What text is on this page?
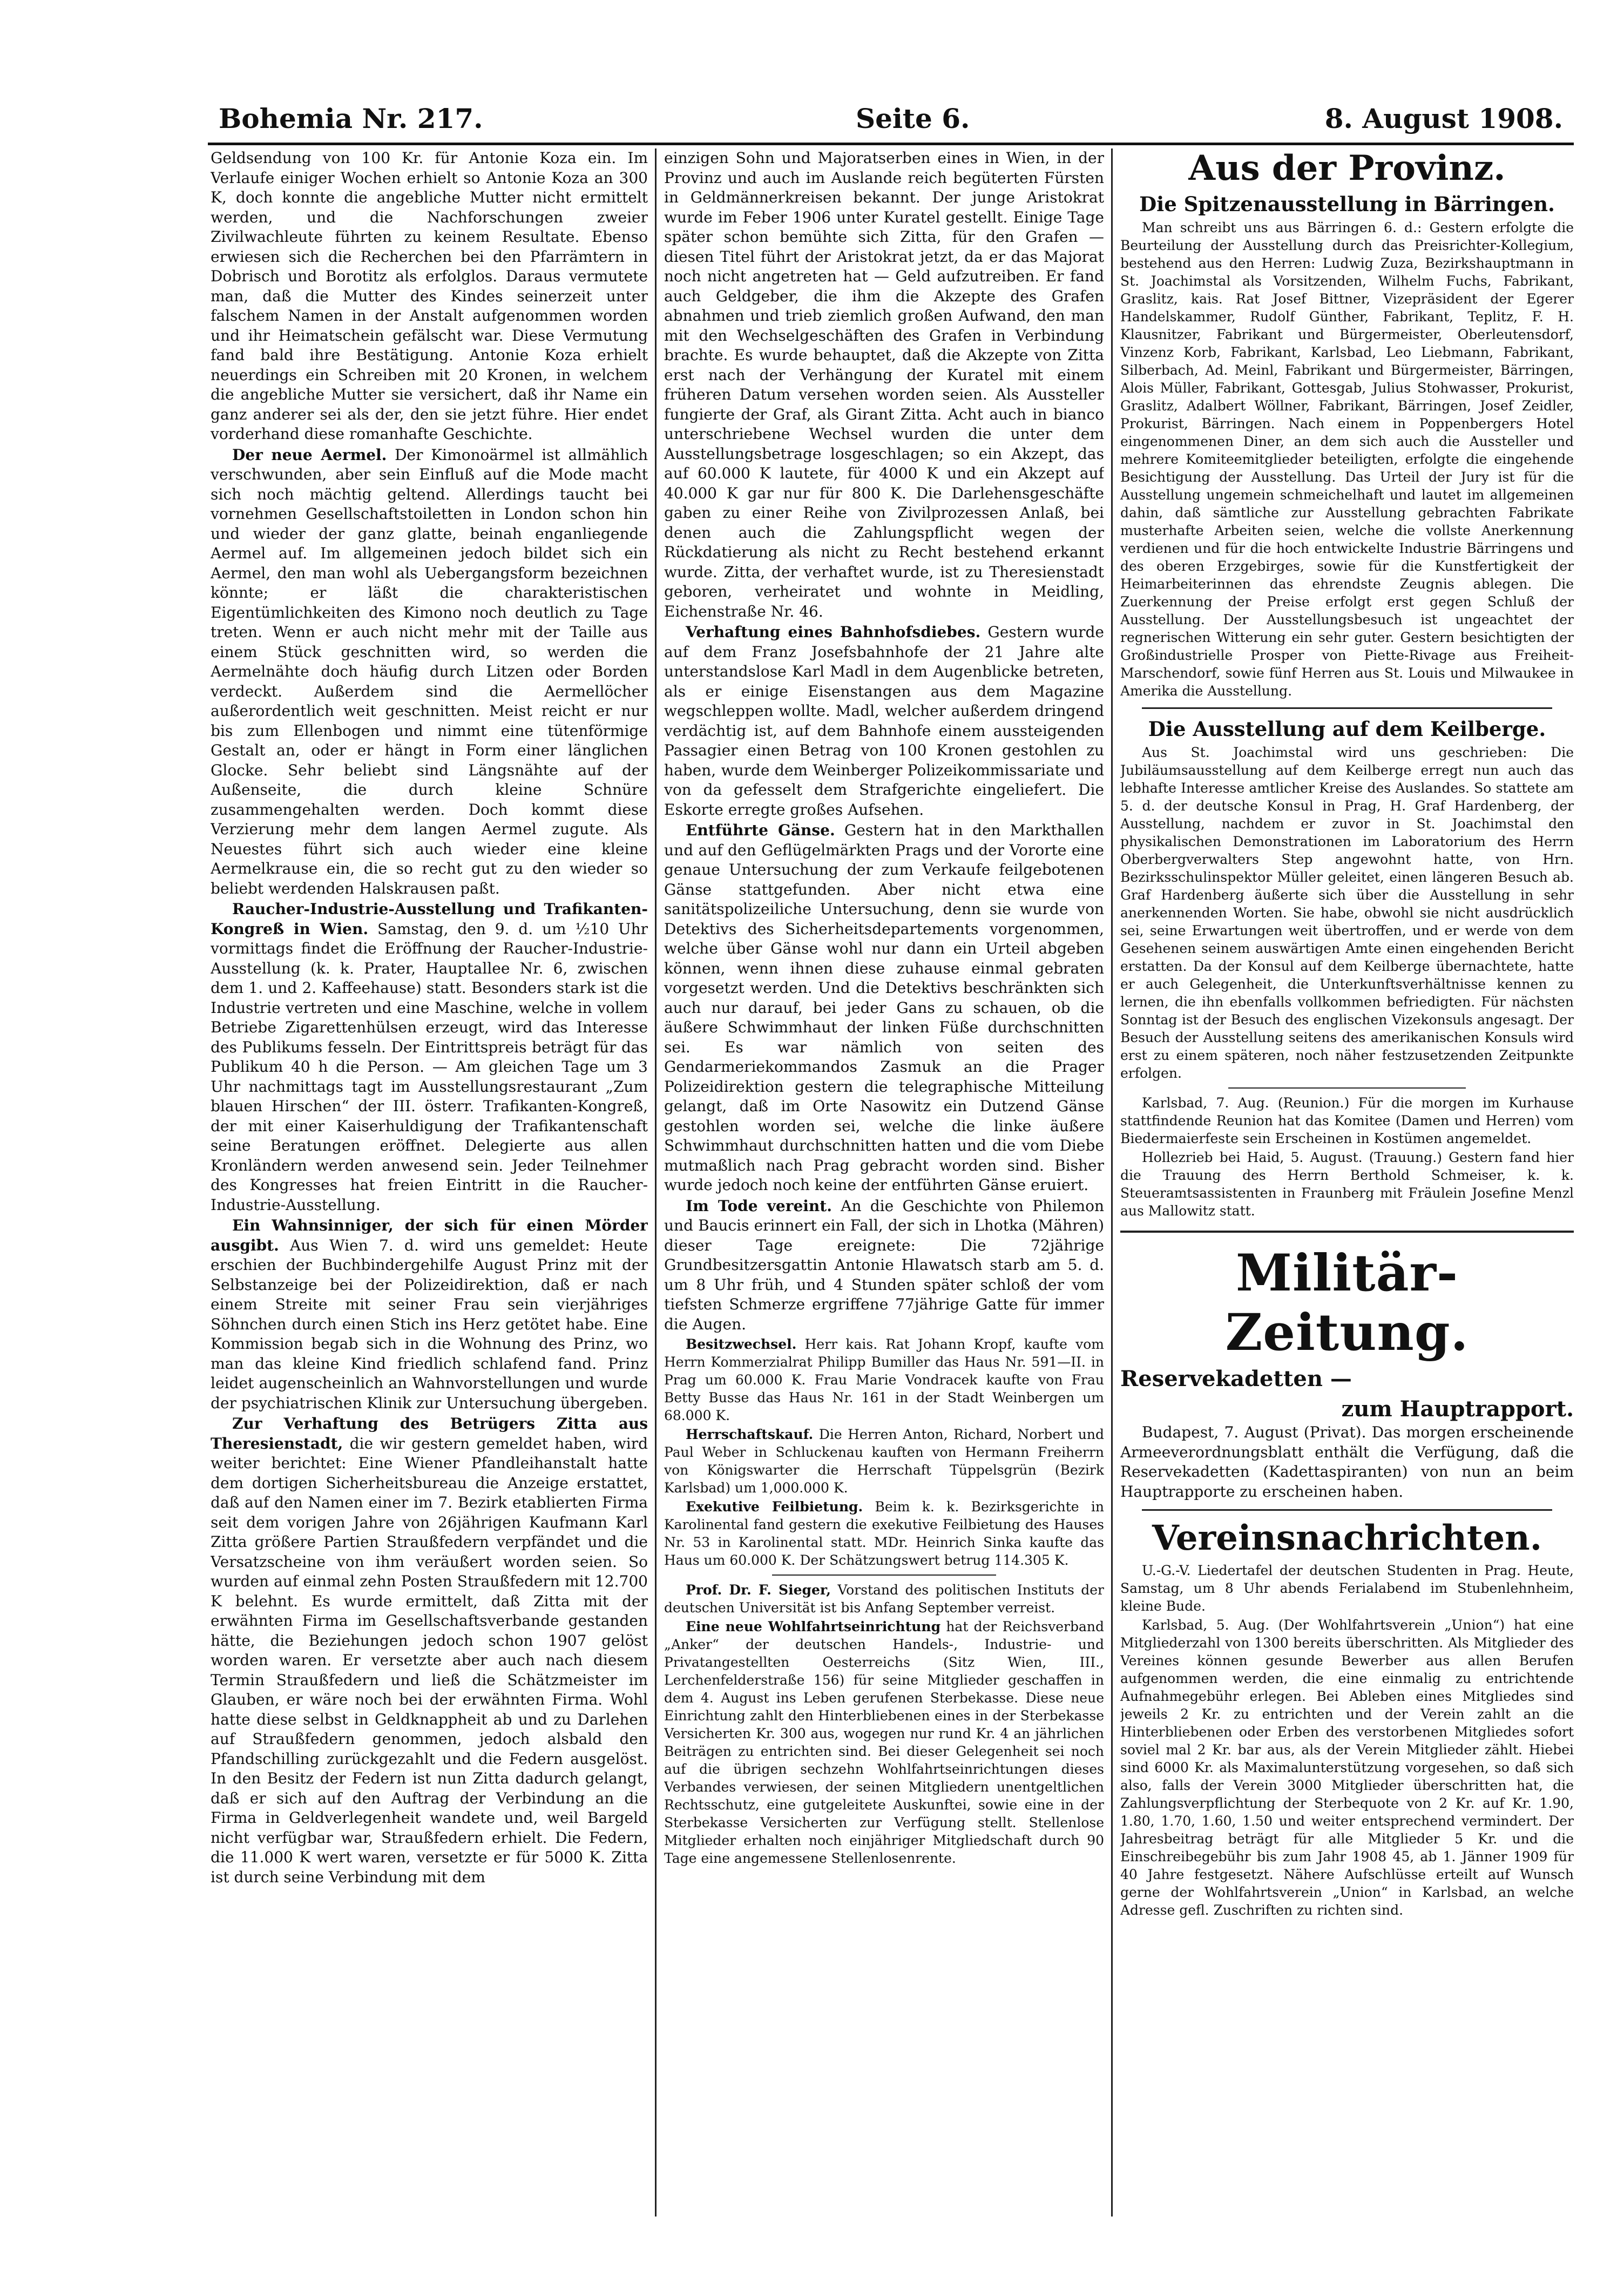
Bohemia Nr. 217.	Seite 6.	8. August 1908.

Geldsendung von 100 Kr. für Antonie Koza ein. Im Verlaufe einiger Wochen erhielt so Antonie Koza an 300 K, doch konnte die angebliche Mutter nicht ermittelt werden, und die Nachforschungen zweier Zivilwachleute führten zu keinem Resultate. Ebenso erwiesen sich die Recherchen bei den Pfarrämtern in Dobrisch und Borotitz als erfolglos. Daraus vermutete man, daß die Mutter des Kindes seinerzeit unter falschem Namen in der Anstalt aufgenommen worden und ihr Heimatschein gefälscht war. Diese Vermutung fand bald ihre Bestätigung. Antonie Koza erhielt neuerdings ein Schreiben mit 20 Kronen, in welchem die angebliche Mutter sie versichert, daß ihr Name ein ganz anderer sei als der, den sie jetzt führe. Hier endet vorderhand diese romanhafte Geschichte.

Der neue Aermel. Der Kimonoärmel ist allmählich verschwunden, aber sein Einfluß auf die Mode macht sich noch mächtig geltend. Allerdings taucht bei vornehmen Gesellschaftstoiletten in London schon hin und wieder der ganz glatte, beinah enganliegende Aermel auf. Im allgemeinen jedoch bildet sich ein Aermel, den man wohl als Uebergangsform bezeichnen könnte; er läßt die charakteristischen Eigentümlichkeiten des Kimono noch deutlich zu Tage treten. Wenn er auch nicht mehr mit der Taille aus einem Stück geschnitten wird, so werden die Aermelnähte doch häufig durch Litzen oder Borden verdeckt. Außerdem sind die Aermellöcher außerordentlich weit geschnitten. Meist reicht er nur bis zum Ellenbogen und nimmt eine tütenförmige Gestalt an, oder er hängt in Form einer länglichen Glocke. Sehr beliebt sind Längsnähte auf der Außenseite, die durch kleine Schnüre zusammengehalten werden. Doch kommt diese Verzierung mehr dem langen Aermel zugute. Als Neuestes führt sich auch wieder eine kleine Aermelkrause ein, die so recht gut zu den wieder so beliebt werdenden Halskrausen paßt.

Raucher-Industrie-Ausstellung und Trafikanten-Kongreß in Wien. Samstag, den 9. d. um ½10 Uhr vormittags findet die Eröffnung der Raucher-Industrie-Ausstellung (k. k. Prater, Hauptallee Nr. 6, zwischen dem 1. und 2. Kaffeehause) statt. Besonders stark ist die Industrie vertreten und eine Maschine, welche in vollem Betriebe Zigarettenhülsen erzeugt, wird das Interesse des Publikums fesseln. Der Eintrittspreis beträgt für das Publikum 40 h die Person. — Am gleichen Tage um 3 Uhr nachmittags tagt im Ausstellungsrestaurant „Zum blauen Hirschen“ der III. österr. Trafikanten-Kongreß, der mit einer Kaiserhuldigung der Trafikantenschaft seine Beratungen eröffnet. Delegierte aus allen Kronländern werden anwesend sein. Jeder Teilnehmer des Kongresses hat freien Eintritt in die Raucher-Industrie-Ausstellung.

Ein Wahnsinniger, der sich für einen Mörder ausgibt. Aus Wien 7. d. wird uns gemeldet: Heute erschien der Buchbindergehilfe August Prinz mit der Selbstanzeige bei der Polizeidirektion, daß er nach einem Streite mit seiner Frau sein vierjähriges Söhnchen durch einen Stich ins Herz getötet habe. Eine Kommission begab sich in die Wohnung des Prinz, wo man das kleine Kind friedlich schlafend fand. Prinz leidet augenscheinlich an Wahnvorstellungen und wurde der psychiatrischen Klinik zur Untersuchung übergeben.

Zur Verhaftung des Betrügers Zitta aus Theresienstadt, die wir gestern gemeldet haben, wird weiter berichtet: Eine Wiener Pfandleihanstalt hatte dem dortigen Sicherheitsbureau die Anzeige erstattet, daß auf den Namen einer im 7. Bezirk etablierten Firma seit dem vorigen Jahre von 26jährigen Kaufmann Karl Zitta größere Partien Straußfedern verpfändet und die Versatzscheine von ihm veräußert worden seien. So wurden auf einmal zehn Posten Straußfedern mit 12.700 K belehnt. Es wurde ermittelt, daß Zitta mit der erwähnten Firma im Gesellschaftsverbande gestanden hätte, die Beziehungen jedoch schon 1907 gelöst worden waren. Er versetzte aber auch nach diesem Termin Straußfedern und ließ die Schätzmeister im Glauben, er wäre noch bei der erwähnten Firma. Wohl hatte diese selbst in Geldknappheit ab und zu Darlehen auf Straußfedern genommen, jedoch alsbald den Pfandschilling zurückgezahlt und die Federn ausgelöst. In den Besitz der Federn ist nun Zitta dadurch gelangt, daß er sich auf den Auftrag der Verbindung an die Firma in Geldverlegenheit wandete und, weil Bargeld nicht verfügbar war, Straußfedern erhielt. Die Federn, die 11.000 K wert waren, versetzte er für 5000 K. Zitta ist durch seine Verbindung mit dem

einzigen Sohn und Majoratserben eines in Wien, in der Provinz und auch im Auslande reich begüterten Fürsten in Geldmännerkreisen bekannt. Der junge Aristokrat wurde im Feber 1906 unter Kuratel gestellt. Einige Tage später schon bemühte sich Zitta, für den Grafen — diesen Titel führt der Aristokrat jetzt, da er das Majorat noch nicht angetreten hat — Geld aufzutreiben. Er fand auch Geldgeber, die ihm die Akzepte des Grafen abnahmen und trieb ziemlich großen Aufwand, den man mit den Wechselgeschäften des Grafen in Verbindung brachte. Es wurde behauptet, daß die Akzepte von Zitta erst nach der Verhängung der Kuratel mit einem früheren Datum versehen worden seien. Als Aussteller fungierte der Graf, als Girant Zitta. Acht auch in bianco unterschriebene Wechsel wurden die unter dem Ausstellungsbetrage losgeschlagen; so ein Akzept, das auf 60.000 K lautete, für 4000 K und ein Akzept auf 40.000 K gar nur für 800 K. Die Darlehensgeschäfte gaben zu einer Reihe von Zivilprozessen Anlaß, bei denen auch die Zahlungspflicht wegen der Rückdatierung als nicht zu Recht bestehend erkannt wurde. Zitta, der verhaftet wurde, ist zu Theresienstadt geboren, verheiratet und wohnte in Meidling, Eichenstraße Nr. 46.

Verhaftung eines Bahnhofsdiebes. Gestern wurde auf dem Franz Josefsbahnhofe der 21 Jahre alte unterstandslose Karl Madl in dem Augenblicke betreten, als er einige Eisenstangen aus dem Magazine wegschleppen wollte. Madl, welcher außerdem dringend verdächtig ist, auf dem Bahnhofe einem aussteigenden Passagier einen Betrag von 100 Kronen gestohlen zu haben, wurde dem Weinberger Polizeikommissariate und von da gefesselt dem Strafgerichte eingeliefert. Die Eskorte erregte großes Aufsehen.

Entführte Gänse. Gestern hat in den Markthallen und auf den Geflügelmärkten Prags und der Vororte eine genaue Untersuchung der zum Verkaufe feilgebotenen Gänse stattgefunden. Aber nicht etwa eine sanitätspolizeiliche Untersuchung, denn sie wurde von Detektivs des Sicherheitsdepartements vorgenommen, welche über Gänse wohl nur dann ein Urteil abgeben können, wenn ihnen diese zuhause einmal gebraten vorgesetzt werden. Und die Detektivs beschränkten sich auch nur darauf, bei jeder Gans zu schauen, ob die äußere Schwimmhaut der linken Füße durchschnitten sei. Es war nämlich von seiten des Gendarmeriekommandos Zasmuk an die Prager Polizeidirektion gestern die telegraphische Mitteilung gelangt, daß im Orte Nasowitz ein Dutzend Gänse gestohlen worden sei, welche die linke äußere Schwimmhaut durchschnitten hatten und die vom Diebe mutmaßlich nach Prag gebracht worden sind. Bisher wurde jedoch noch keine der entführten Gänse eruiert.

Im Tode vereint. An die Geschichte von Philemon und Baucis erinnert ein Fall, der sich in Lhotka (Mähren) dieser Tage ereignete: Die 72jährige Grundbesitzersgattin Antonie Hlawatsch starb am 5. d. um 8 Uhr früh, und 4 Stunden später schloß der vom tiefsten Schmerze ergriffene 77jährige Gatte für immer die Augen.

Besitzwechsel. Herr kais. Rat Johann Kropf, kaufte vom Herrn Kommerzialrat Philipp Bumiller das Haus Nr. 591—II. in Prag um 60.000 K. Frau Marie Vondracek kaufte von Frau Betty Busse das Haus Nr. 161 in der Stadt Weinbergen um 68.000 K.

Herrschaftskauf. Die Herren Anton, Richard, Norbert und Paul Weber in Schluckenau kauften von Hermann Freiherrn von Königswarter die Herrschaft Tüppelsgrün (Bezirk Karlsbad) um 1,000.000 K.

Exekutive Feilbietung. Beim k. k. Bezirksgerichte in Karolinental fand gestern die exekutive Feilbietung des Hauses Nr. 53 in Karolinental statt. MDr. Heinrich Sinka kaufte das Haus um 60.000 K. Der Schätzungswert betrug 114.305 K.

Prof. Dr. F. Sieger, Vorstand des politischen Instituts der deutschen Universität ist bis Anfang September verreist.

Eine neue Wohlfahrtseinrichtung hat der Reichsverband „Anker“ der deutschen Handels-, Industrie- und Privatangestellten Oesterreichs (Sitz Wien, III., Lerchenfelderstraße 156) für seine Mitglieder geschaffen in dem 4. August ins Leben gerufenen Sterbekasse. Diese neue Einrichtung zahlt den Hinterbliebenen eines in der Sterbekasse Versicherten Kr. 300 aus, wogegen nur rund Kr. 4 an jährlichen Beiträgen zu entrichten sind. Bei dieser Gelegenheit sei noch auf die übrigen sechzehn Wohlfahrtseinrichtungen dieses Verbandes verwiesen, der seinen Mitgliedern unentgeltlichen Rechtsschutz, eine gutgeleitete Auskunftei, sowie eine in der Sterbekasse Versicherten zur Verfügung stellt. Stellenlose Mitglieder erhalten noch einjähriger Mitgliedschaft durch 90 Tage eine angemessene Stellenlosenrente.

Aus der Provinz.
Die Spitzenausstellung in Bärringen.

Man schreibt uns aus Bärringen 6. d.: Gestern erfolgte die Beurteilung der Ausstellung durch das Preisrichter-Kollegium, bestehend aus den Herren: Ludwig Zuza, Bezirkshauptmann in St. Joachimstal als Vorsitzenden, Wilhelm Fuchs, Fabrikant, Graslitz, kais. Rat Josef Bittner, Vizepräsident der Egerer Handelskammer, Rudolf Günther, Fabrikant, Teplitz, F. H. Klausnitzer, Fabrikant und Bürgermeister, Oberleutensdorf, Vinzenz Korb, Fabrikant, Karlsbad, Leo Liebmann, Fabrikant, Silberbach, Ad. Meinl, Fabrikant und Bürgermeister, Bärringen, Alois Müller, Fabrikant, Gottesgab, Julius Stohwasser, Prokurist, Graslitz, Adalbert Wöllner, Fabrikant, Bärringen, Josef Zeidler, Prokurist, Bärringen. Nach einem in Poppenbergers Hotel eingenommenen Diner, an dem sich auch die Aussteller und mehrere Komiteemitglieder beteiligten, erfolgte die eingehende Besichtigung der Ausstellung. Das Urteil der Jury ist für die Ausstellung ungemein schmeichelhaft und lautet im allgemeinen dahin, daß sämtliche zur Ausstellung gebrachten Fabrikate musterhafte Arbeiten seien, welche die vollste Anerkennung verdienen und für die hoch entwickelte Industrie Bärringens und des oberen Erzgebirges, sowie für die Kunstfertigkeit der Heimarbeiterinnen das ehrendste Zeugnis ablegen. Die Zuerkennung der Preise erfolgt erst gegen Schluß der Ausstellung. Der Ausstellungsbesuch ist ungeachtet der regnerischen Witterung ein sehr guter. Gestern besichtigten der Großindustrielle Prosper von Piette-Rivage aus Freiheit-Marschendorf, sowie fünf Herren aus St. Louis und Milwaukee in Amerika die Ausstellung.

Die Ausstellung auf dem Keilberge.

Aus St. Joachimstal wird uns geschrieben: Die Jubiläumsausstellung auf dem Keilberge erregt nun auch das lebhafte Interesse amtlicher Kreise des Auslandes. So stattete am 5. d. der deutsche Konsul in Prag, H. Graf Hardenberg, der Ausstellung, nachdem er zuvor in St. Joachimstal den physikalischen Demonstrationen im Laboratorium des Herrn Oberbergverwalters Step angewohnt hatte, von Hrn. Bezirksschulinspektor Müller geleitet, einen längeren Besuch ab. Graf Hardenberg äußerte sich über die Ausstellung in sehr anerkennenden Worten. Sie habe, obwohl sie nicht ausdrücklich sei, seine Erwartungen weit übertroffen, und er werde von dem Gesehenen seinem auswärtigen Amte einen eingehenden Bericht erstatten. Da der Konsul auf dem Keilberge übernachtete, hatte er auch Gelegenheit, die Unterkunftsverhältnisse kennen zu lernen, die ihn ebenfalls vollkommen befriedigten. Für nächsten Sonntag ist der Besuch des englischen Vizekonsuls angesagt. Der Besuch der Ausstellung seitens des amerikanischen Konsuls wird erst zu einem späteren, noch näher festzusetzenden Zeitpunkte erfolgen.

Karlsbad, 7. Aug. (Reunion.) Für die morgen im Kurhause stattfindende Reunion hat das Komitee (Damen und Herren) vom Biedermaierfeste sein Erscheinen in Kostümen angemeldet.

Hollezrieb bei Haid, 5. August. (Trauung.) Gestern fand hier die Trauung des Herrn Berthold Schmeiser, k. k. Steueramtsassistenten in Fraunberg mit Fräulein Josefine Menzl aus Mallowitz statt.

Militär-Zeitung.
Reservekadetten —
zum Hauptrapport.

Budapest, 7. August (Privat). Das morgen erscheinende Armeeverordnungsblatt enthält die Verfügung, daß die Reservekadetten (Kadettaspiranten) von nun an beim Hauptrapporte zu erscheinen haben.

Vereinsnachrichten.

U.-G.-V. Liedertafel der deutschen Studenten in Prag. Heute, Samstag, um 8 Uhr abends Ferialabend im Stubenlehnheim, kleine Bude.

Karlsbad, 5. Aug. (Der Wohlfahrtsverein „Union“) hat eine Mitgliederzahl von 1300 bereits überschritten. Als Mitglieder des Vereines können gesunde Bewerber aus allen Berufen aufgenommen werden, die eine einmalig zu entrichtende Aufnahmegebühr erlegen. Bei Ableben eines Mitgliedes sind jeweils 2 Kr. zu entrichten und der Verein zahlt an die Hinterbliebenen oder Erben des verstorbenen Mitgliedes sofort soviel mal 2 Kr. bar aus, als der Verein Mitglieder zählt. Hiebei sind 6000 Kr. als Maximalunterstützung vorgesehen, so daß sich also, falls der Verein 3000 Mitglieder überschritten hat, die Zahlungsverpflichtung der Sterbequote von 2 Kr. auf Kr. 1.90, 1.80, 1.70, 1.60, 1.50 und weiter entsprechend vermindert. Der Jahresbeitrag beträgt für alle Mitglieder 5 Kr. und die Einschreibegebühr bis zum Jahr 1908 45, ab 1. Jänner 1909 für 40 Jahre festgesetzt. Nähere Aufschlüsse erteilt auf Wunsch gerne der Wohlfahrtsverein „Union“ in Karlsbad, an welche Adresse gefl. Zuschriften zu richten sind.
